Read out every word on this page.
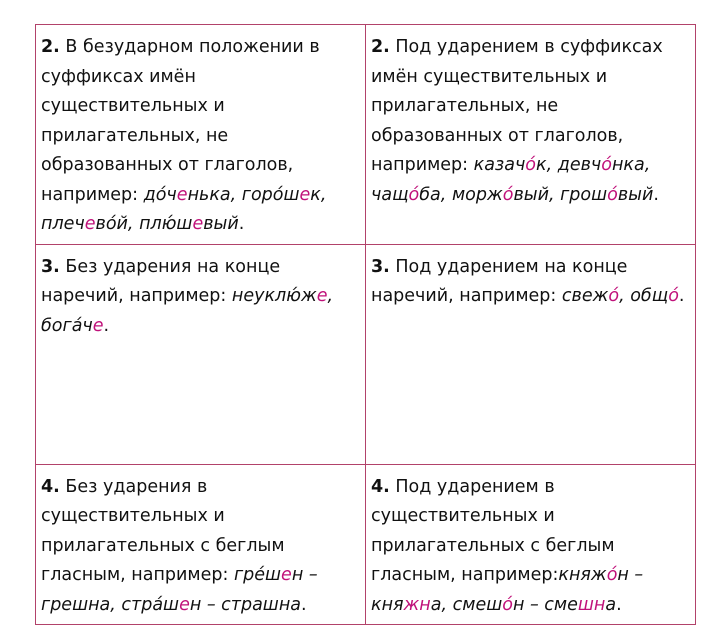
2. В безударном положении в суффиксах имён существительных и прилагательных, не образованных от глаголов, например: дóченька, горóшек, плечевóй, плю́шевый.	2. Под ударением в суффиксах имён существительных и прилагательных, не образованных от глаголов, например: казачóк, девчóнка, чащóба, моржóвый, грошóвый.
3. Без ударения на конце наречий, например: неуклю́же, богáче.	3. Под ударением на конце наречий, например: свежó, общó.
4. Без ударения в существительных и прилагательных с беглым гласным, например: грéшен – грешна, стрáшен – страшна.	4. Под ударением в существительных и прилагательных с беглым гласным, например:княжóн – княжна, смешóн – смешна.
